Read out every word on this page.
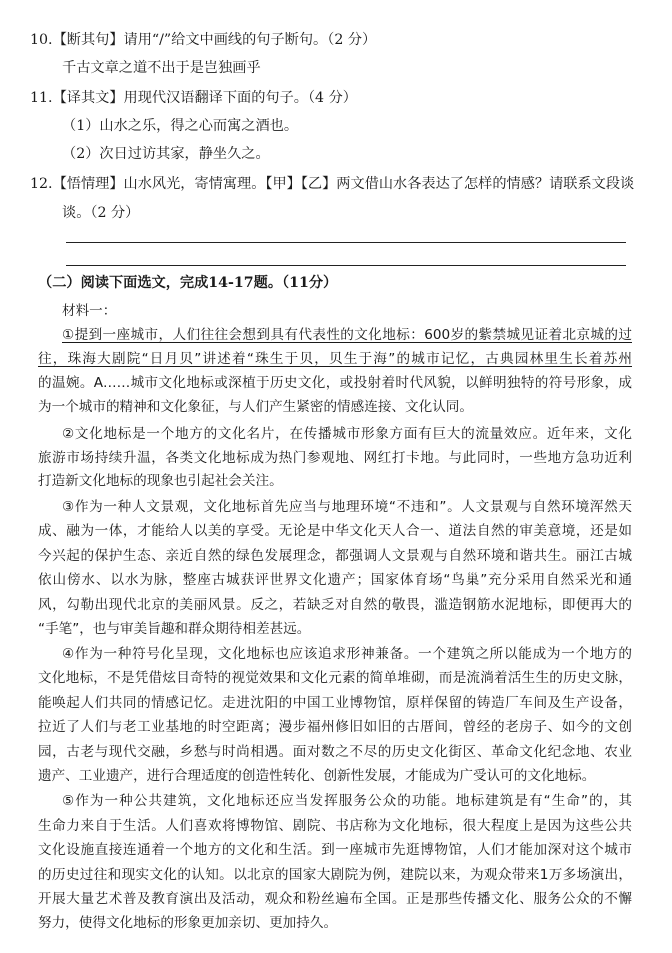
10.【断其句】请用“/”给文中画线的句子断句。（2 分）
千古文章之道不出于是岂独画乎
11.【译其文】用现代汉语翻译下面的句子。（4 分）
（1）山水之乐，得之心而寓之酒也。
（2）次日过访其家，静坐久之。
12.【悟情理】山水风光，寄情寓理。【甲】【乙】两文借山水各表达了怎样的情感？请联系文段谈
谈。（2 分）
（二）阅读下面选文，完成14-17题。（11分）
材料一：
①提到一座城市，人们往往会想到具有代表性的文化地标：600岁的紫禁城见证着北京城的过
往，珠海大剧院“日月贝”讲述着“珠生于贝，贝生于海”的城市记忆，古典园林里生长着苏州
的温婉。A……城市文化地标或深植于历史文化，或投射着时代风貌，以鲜明独特的符号形象，成
为一个城市的精神和文化象征，与人们产生紧密的情感连接、文化认同。
②文化地标是一个地方的文化名片，在传播城市形象方面有巨大的流量效应。近年来，文化
旅游市场持续升温，各类文化地标成为热门参观地、网红打卡地。与此同时，一些地方急功近利
打造新文化地标的现象也引起社会关注。
③作为一种人文景观，文化地标首先应当与地理环境“不违和”。人文景观与自然环境浑然天
成、融为一体，才能给人以美的享受。无论是中华文化天人合一、道法自然的审美意境，还是如
今兴起的保护生态、亲近自然的绿色发展理念，都强调人文景观与自然环境和谐共生。丽江古城
依山傍水、以水为脉，整座古城获评世界文化遗产；国家体育场“鸟巢”充分采用自然采光和通
风，勾勒出现代北京的美丽风景。反之，若缺乏对自然的敬畏，滥造钢筋水泥地标，即便再大的
“手笔”，也与审美旨趣和群众期待相差甚远。
④作为一种符号化呈现，文化地标也应该追求形神兼备。一个建筑之所以能成为一个地方的
文化地标，不是凭借炫目奇特的视觉效果和文化元素的简单堆砌，而是流淌着活生生的历史文脉，
能唤起人们共同的情感记忆。走进沈阳的中国工业博物馆，原样保留的铸造厂车间及生产设备，
拉近了人们与老工业基地的时空距离；漫步福州修旧如旧的古厝间，曾经的老房子、如今的文创
园，古老与现代交融，乡愁与时尚相遇。面对数之不尽的历史文化街区、革命文化纪念地、农业
遗产、工业遗产，进行合理适度的创造性转化、创新性发展，才能成为广受认可的文化地标。
⑤作为一种公共建筑，文化地标还应当发挥服务公众的功能。地标建筑是有“生命”的，其
生命力来自于生活。人们喜欢将博物馆、剧院、书店称为文化地标，很大程度上是因为这些公共
文化设施直接连通着一个地方的文化和生活。到一座城市先逛博物馆，人们才能加深对这个城市
的历史过往和现实文化的认知。以北京的国家大剧院为例，建院以来，为观众带来1万多场演出，
开展大量艺术普及教育演出及活动，观众和粉丝遍布全国。正是那些传播文化、服务公众的不懈
努力，使得文化地标的形象更加亲切、更加持久。
